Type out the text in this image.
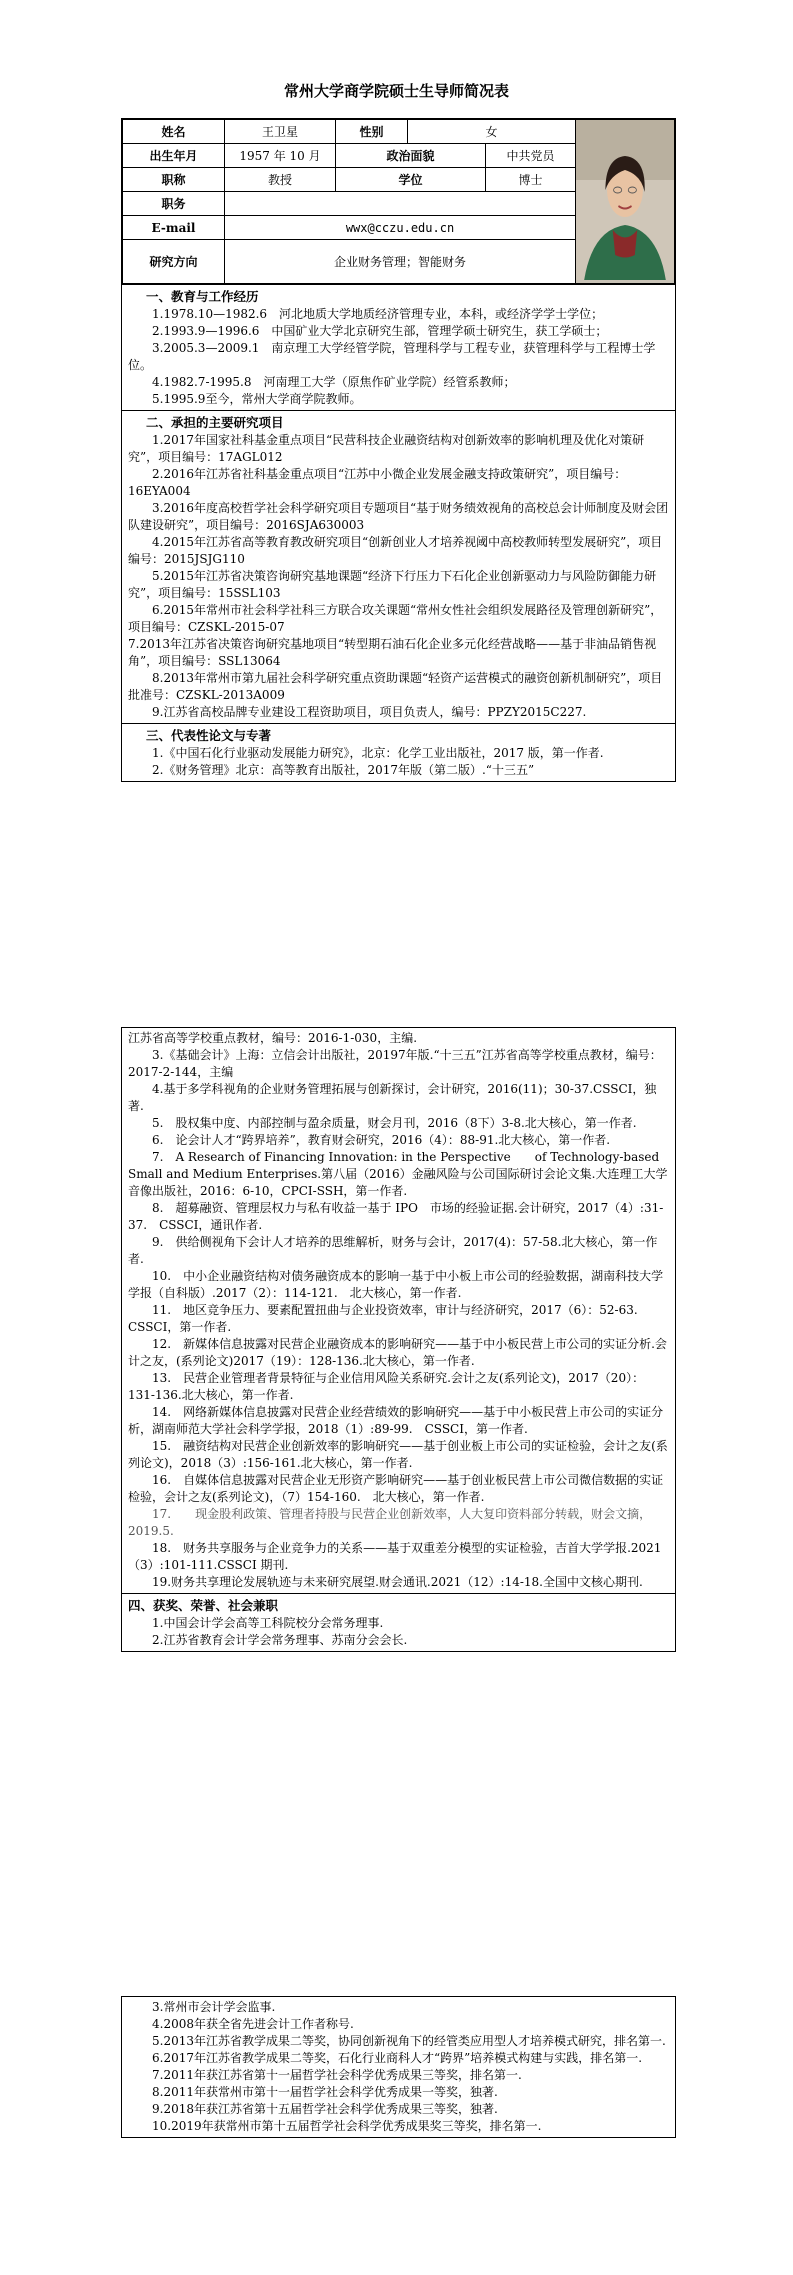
常州大学商学院硕士生导师简况表
姓名	王卫星	性别	女	
出生年月	1957 年 10 月	政治面貌		中共党员	
职称	教授	学位		博士	
职务					
E-mail	wwx@cczu.edu.cn				
研究方向	企业财务管理；智能财务				
一、教育与工作经历

1.1978.10—1982.6　河北地质大学地质经济管理专业，本科，或经济学学士学位；

2.1993.9—1996.6　中国矿业大学北京研究生部，管理学硕士研究生，获工学硕士；

3.2005.3—2009.1　南京理工大学经管学院，管理科学与工程专业，获管理科学与工程博士学位。

4.1982.7-1995.8　河南理工大学（原焦作矿业学院）经管系教师；

5.1995.9至今，常州大学商学院教师。

二、承担的主要研究项目

1.2017年国家社科基金重点项目“民营科技企业融资结构对创新效率的影响机理及优化对策研究”，项目编号：17AGL012

2.2016年江苏省社科基金重点项目“江苏中小微企业发展金融支持政策研究”，项目编号：16EYA004

3.2016年度高校哲学社会科学研究项目专题项目“基于财务绩效视角的高校总会计师制度及财会团队建设研究”，项目编号：2016SJA630003

4.2015年江苏省高等教育教改研究项目“创新创业人才培养视阈中高校教师转型发展研究”，项目编号：2015JSJG110

5.2015年江苏省决策咨询研究基地课题“经济下行压力下石化企业创新驱动力与风险防御能力研究”，项目编号：15SSL103

6.2015年常州市社会科学社科三方联合攻关课题“常州女性社会组织发展路径及管理创新研究”，项目编号：CZSKL-2015-07

7.2013年江苏省决策咨询研究基地项目“转型期石油石化企业多元化经营战略——基于非油品销售视角”，项目编号：SSL13064

8.2013年常州市第九届社会科学研究重点资助课题“轻资产运营模式的融资创新机制研究”，项目批准号：CZSKL-2013A009

9.江苏省高校品牌专业建设工程资助项目，项目负责人，编号：PPZY2015C227.

三、代表性论文与专著

1.《中国石化行业驱动发展能力研究》，北京：化学工业出版社，2017 版，第一作者.

2.《财务管理》北京：高等教育出版社，2017年版（第二版）.“十三五”

江苏省高等学校重点教材，编号：2016-1-030，主编.

3.《基础会计》上海：立信会计出版社，20197年版.“十三五”江苏省高等学校重点教材，编号：2017-2-144，主编

4.基于多学科视角的企业财务管理拓展与创新探讨，会计研究，2016(11)；30-37.CSSCI，独著.

5.　股权集中度、内部控制与盈余质量，财会月刊，2016（8下）3-8.北大核心，第一作者.

6.　论会计人才“跨界培养”，教育财会研究，2016（4）：88-91.北大核心，第一作者.

7.　A Research of Financing Innovation: in the Perspective　　of Technology-based Small and Medium Enterprises.第八届（2016）金融风险与公司国际研讨会论文集.大连理工大学音像出版社，2016：6-10，CPCI-SSH，第一作者.

8.　超募融资、管理层权力与私有收益一基于 IPO　市场的经验证据.会计研究，2017（4）:31-37.　CSSCI，通讯作者.

9.　供给侧视角下会计人才培养的思维解析，财务与会计，2017(4)：57-58.北大核心，第一作者.

10.　中小企业融资结构对债务融资成本的影响一基于中小板上市公司的经验数据，湖南科技大学学报（自科版）.2017（2）：114-121.　北大核心，第一作者.

11.　地区竞争压力、要素配置扭曲与企业投资效率，审计与经济研究，2017（6）：52-63.　CSSCI，第一作者.

12.　新媒体信息披露对民营企业融资成本的影响研究——基于中小板民营上市公司的实证分析.会计之友，(系列论文)2017（19）：128-136.北大核心，第一作者.

13.　民营企业管理者背景特征与企业信用风险关系研究.会计之友(系列论文)，2017（20）：131-136.北大核心，第一作者.

14.　网络新媒体信息披露对民营企业经营绩效的影响研究——基于中小板民营上市公司的实证分析，湖南师范大学社会科学学报，2018（1）:89-99.　CSSCI，第一作者.

15.　融资结构对民营企业创新效率的影响研究——基于创业板上市公司的实证检验，会计之友(系列论文)，2018（3）:156-161.北大核心，第一作者.

16.　自媒体信息披露对民营企业无形资产影响研究——基于创业板民营上市公司微信数据的实证检验，会计之友(系列论文)，（7）154-160.　北大核心，第一作者.

17.　　现金股利政策、管理者持股与民营企业创新效率，人大复印资料部分转载，财会文摘，2019.5.

18.　财务共享服务与企业竞争力的关系——基于双重差分模型的实证检验，吉首大学学报.2021（3）:101-111.CSSCI 期刊.

19.财务共享理论发展轨迹与未来研究展望.财会通讯.2021（12）:14-18.全国中文核心期刊.

四、获奖、荣誉、社会兼职

1.中国会计学会高等工科院校分会常务理事.

2.江苏省教育会计学会常务理事、苏南分会会长.

3.常州市会计学会监事.

4.2008年获全省先进会计工作者称号.

5.2013年江苏省教学成果二等奖，协同创新视角下的经管类应用型人才培养模式研究，排名第一.

6.2017年江苏省教学成果二等奖，石化行业商科人才“跨界”培养模式构建与实践，排名第一.

7.2011年获江苏省第十一届哲学社会科学优秀成果三等奖，排名第一.

8.2011年获常州市第十一届哲学社会科学优秀成果一等奖，独著.

9.2018年获江苏省第十五届哲学社会科学优秀成果三等奖，独著.

10.2019年获常州市第十五届哲学社会科学优秀成果奖三等奖，排名第一.
